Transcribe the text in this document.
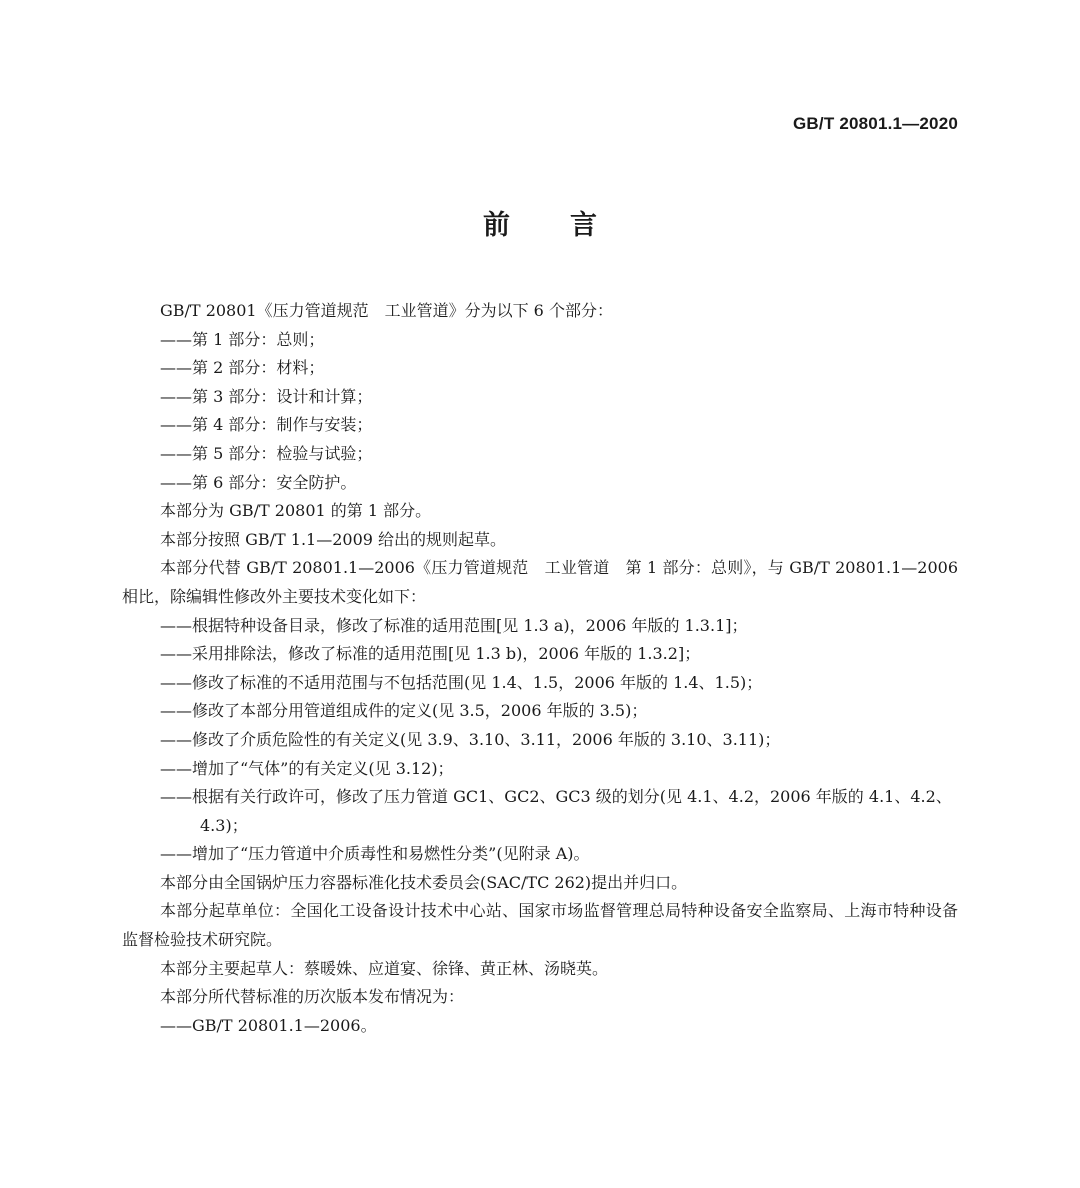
GB/T 20801.1—2020
前言

GB/T 20801《压力管道规范　工业管道》分为以下 6 个部分：

——第 1 部分：总则；

——第 2 部分：材料；

——第 3 部分：设计和计算；

——第 4 部分：制作与安装；

——第 5 部分：检验与试验；

——第 6 部分：安全防护。

本部分为 GB/T 20801 的第 1 部分。

本部分按照 GB/T 1.1—2009 给出的规则起草。

本部分代替 GB/T 20801.1—2006《压力管道规范　工业管道　第 1 部分：总则》，与 GB/T 20801.1—2006相比，除编辑性修改外主要技术变化如下：

——根据特种设备目录，修改了标准的适用范围[见 1.3 a)，2006 年版的 1.3.1]；

——采用排除法，修改了标准的适用范围[见 1.3 b)，2006 年版的 1.3.2]；

——修改了标准的不适用范围与不包括范围(见 1.4、1.5，2006 年版的 1.4、1.5)；

——修改了本部分用管道组成件的定义(见 3.5，2006 年版的 3.5)；

——修改了介质危险性的有关定义(见 3.9、3.10、3.11，2006 年版的 3.10、3.11)；

——增加了“气体”的有关定义(见 3.12)；

——根据有关行政许可，修改了压力管道 GC1、GC2、GC3 级的划分(见 4.1、4.2，2006 年版的 4.1、4.2、4.3)；

——增加了“压力管道中介质毒性和易燃性分类”(见附录 A)。

本部分由全国锅炉压力容器标准化技术委员会(SAC/TC 262)提出并归口。

本部分起草单位：全国化工设备设计技术中心站、国家市场监督管理总局特种设备安全监察局、上海市特种设备监督检验技术研究院。

本部分主要起草人：蔡暖姝、应道宴、徐锋、黄正林、汤晓英。

本部分所代替标准的历次版本发布情况为：

——GB/T 20801.1—2006。
